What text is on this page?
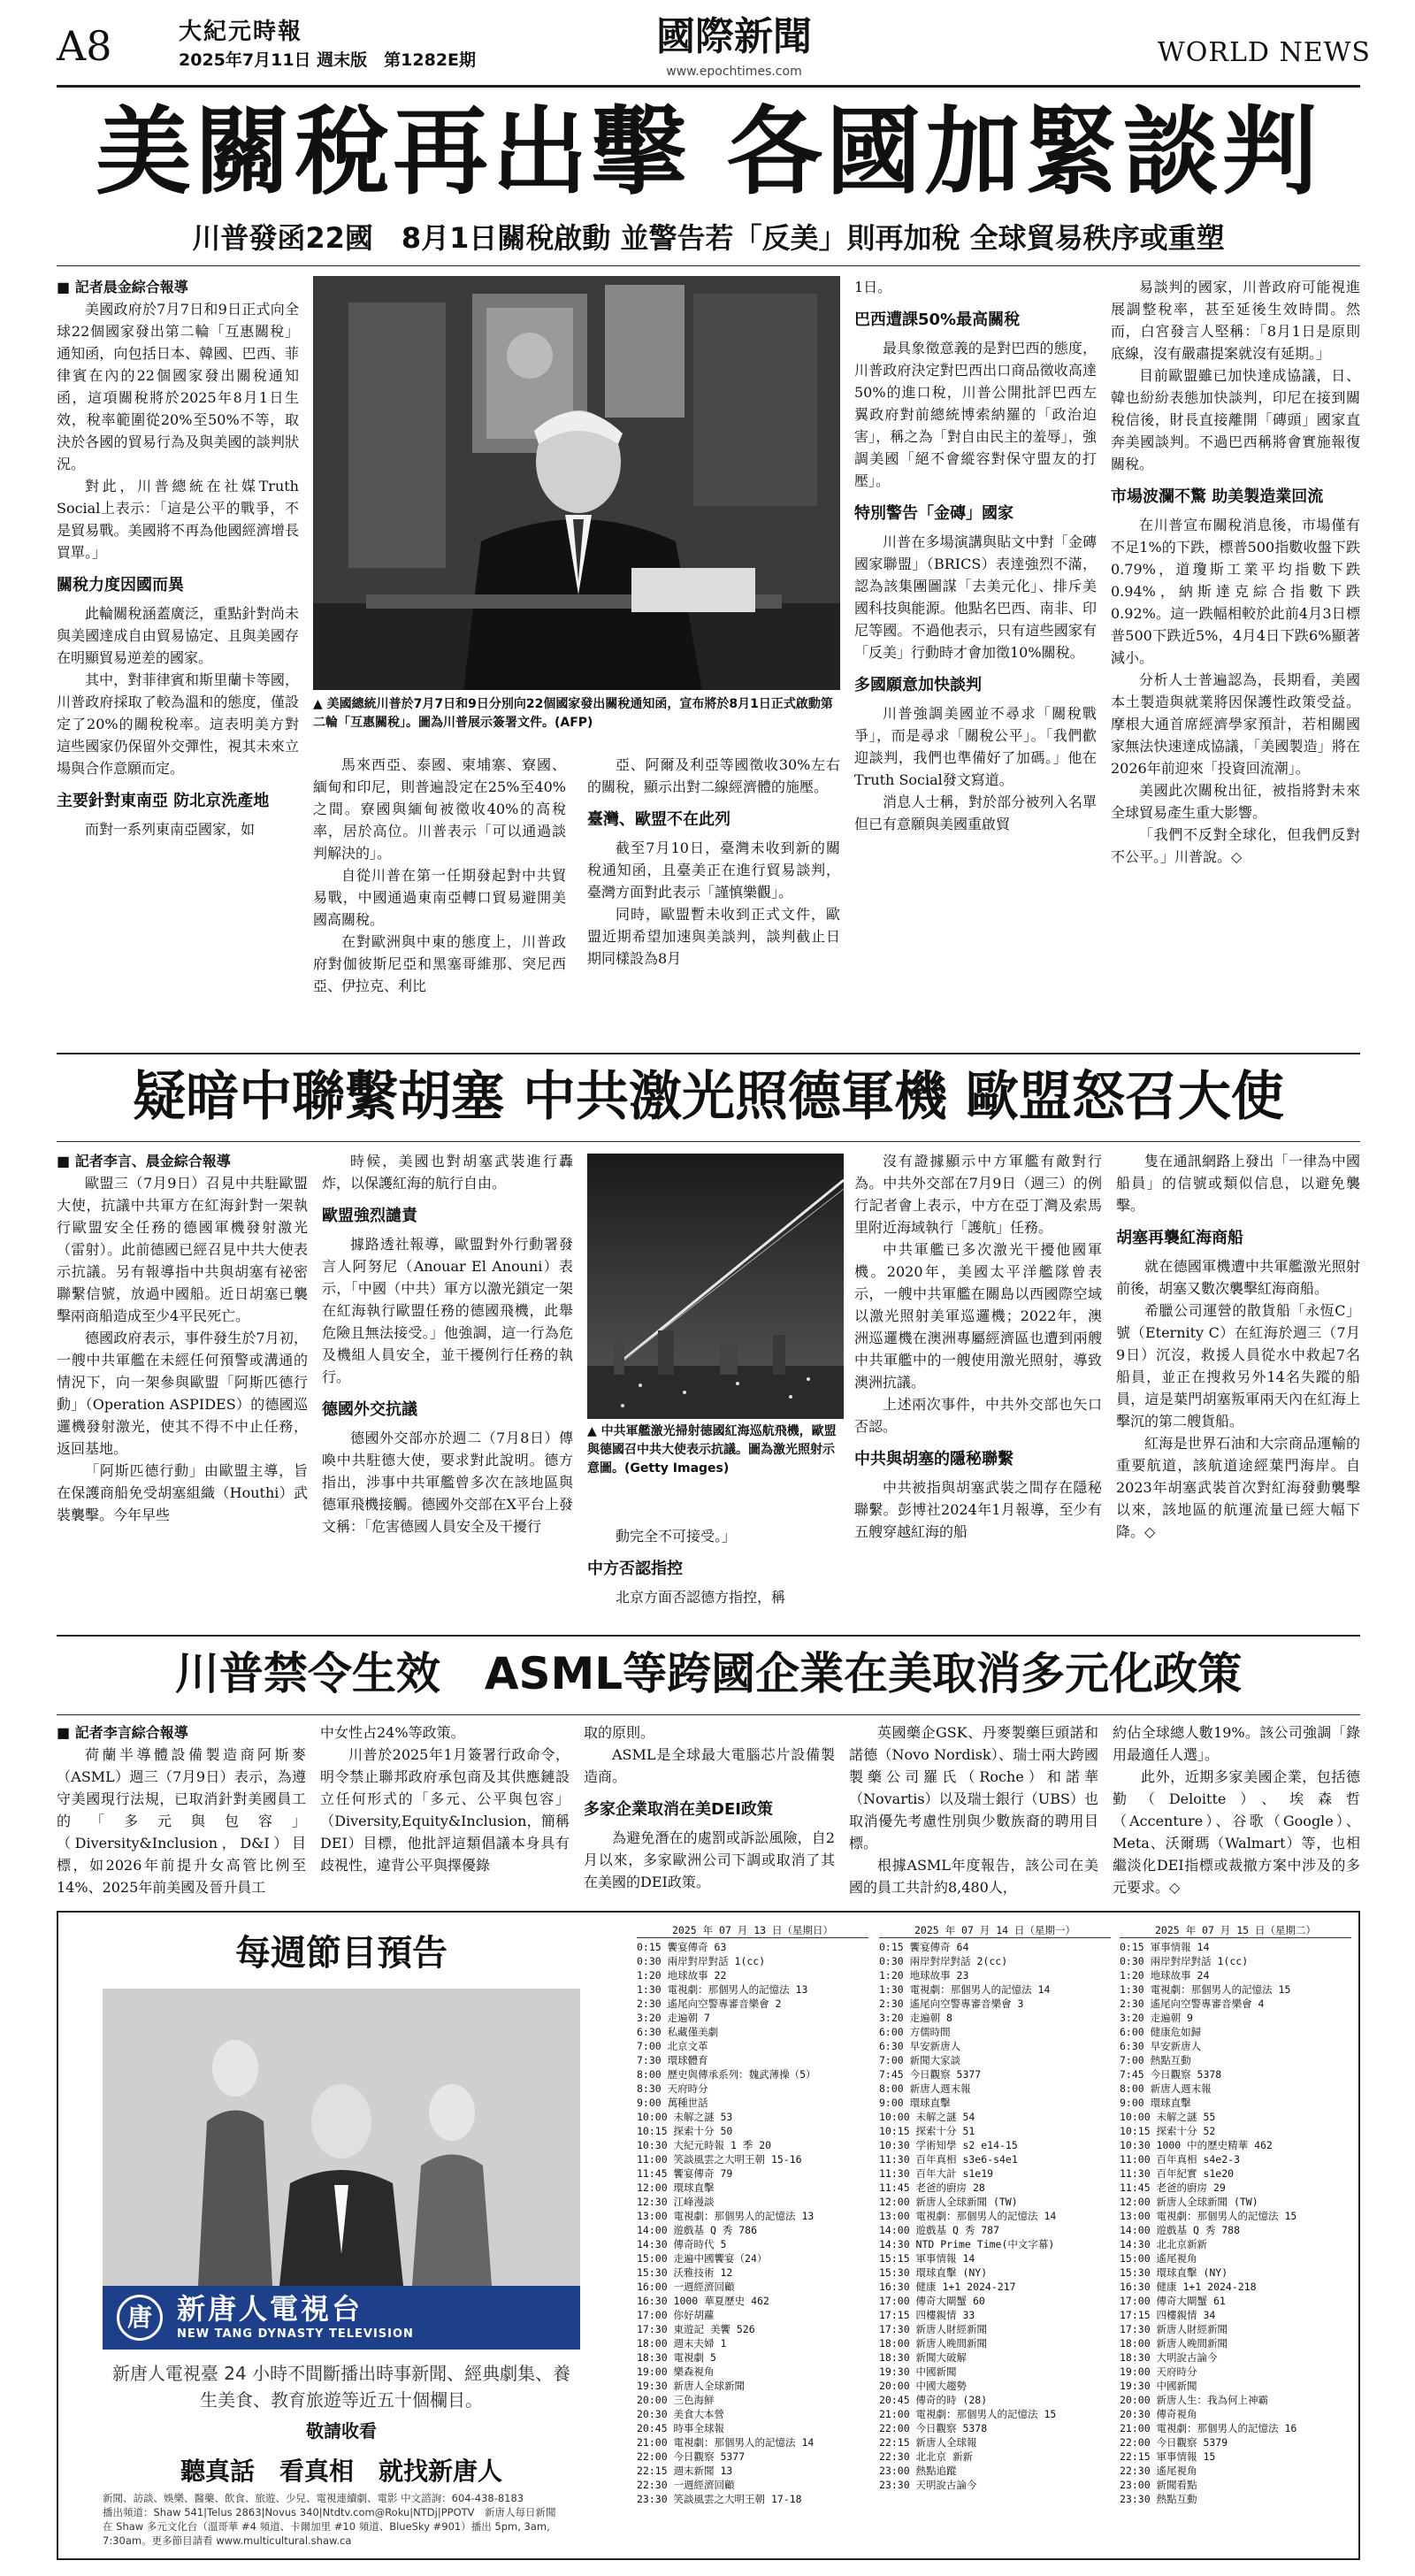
A8	大紀元時報
2025年7月11日 週末版　第1282E期
國際新聞
www.epochtimes.com
WORLD NEWS
美關稅再出擊 各國加緊談判
川普發函22國　8月1日關稅啟動 並警告若「反美」則再加稅 全球貿易秩序或重塑

■ 記者晨金綜合報導

美國政府於7月7日和9日正式向全球22個國家發出第二輪「互惠關稅」通知函，向包括日本、韓國、巴西、菲律賓在內的22個國家發出關稅通知函，這項關稅將於2025年8月1日生效，稅率範圍從20%至50%不等，取決於各國的貿易行為及與美國的談判狀況。

對此，川普總統在社媒Truth Social上表示：「這是公平的戰爭，不是貿易戰。美國將不再為他國經濟增長買單。」

關稅力度因國而異

此輪關稅涵蓋廣泛，重點針對尚未與美國達成自由貿易協定、且與美國存在明顯貿易逆差的國家。

其中，對菲律賓和斯里蘭卡等國，川普政府採取了較為溫和的態度，僅設定了20%的關稅稅率。這表明美方對這些國家仍保留外交彈性，視其未來立場與合作意願而定。

主要針對東南亞 防北京洗產地

而對一系列東南亞國家，如

▲ 美國總統川普於7月7日和9日分別向22個國家發出關稅通知函，宣布將於8月1日正式啟動第二輪「互惠關稅」。圖為川普展示簽署文件。(AFP)

馬來西亞、泰國、柬埔寨、寮國、緬甸和印尼，則普遍設定在25%至40%之間。寮國與緬甸被徵收40%的高稅率，居於高位。川普表示「可以通過談判解決的」。

自從川普在第一任期發起對中共貿易戰，中國通過東南亞轉口貿易避開美國高關稅。

在對歐洲與中東的態度上，川普政府對伽彼斯尼亞和黑塞哥維那、突尼西亞、伊拉克、利比

亞、阿爾及利亞等國徵收30%左右的關稅，顯示出對二線經濟體的施壓。

臺灣、歐盟不在此列

截至7月10日，臺灣未收到新的關稅通知函，且臺美正在進行貿易談判，臺灣方面對此表示「謹慎樂觀」。

同時，歐盟暫未收到正式文件，歐盟近期希望加速與美談判，談判截止日期同樣設為8月

1日。

巴西遭課50%最高關稅

最具象徵意義的是對巴西的態度，川普政府決定對巴西出口商品徵收高達50%的進口稅，川普公開批評巴西左翼政府對前總統博索納羅的「政治迫害」，稱之為「對自由民主的羞辱」，強調美國「絕不會縱容對保守盟友的打壓」。

特別警告「金磚」國家

川普在多場演講與貼文中對「金磚國家聯盟」（BRICS）表達強烈不滿，認為該集團圖謀「去美元化」、排斥美國科技與能源。他點名巴西、南非、印尼等國。不過他表示，只有這些國家有「反美」行動時才會加徵10%關稅。

多國願意加快談判

川普強調美國並不尋求「關稅戰爭」，而是尋求「關稅公平」。「我們歡迎談判，我們也準備好了加碼。」他在Truth Social發文寫道。

消息人士稱，對於部分被列入名單但已有意願與美國重啟貿

易談判的國家，川普政府可能視進展調整稅率，甚至延後生效時間。然而，白宮發言人堅稱：「8月1日是原則底線，沒有嚴肅提案就沒有延期。」

目前歐盟雖已加快達成協議，日、韓也紛紛表態加快談判，印尼在接到關稅信後，財長直接離開「磚頭」國家直奔美國談判。不過巴西稱將會實施報復關稅。

市場波瀾不驚 助美製造業回流

在川普宣布關稅消息後，市場僅有不足1%的下跌，標普500指數收盤下跌0.79%，道瓊斯工業平均指數下跌0.94%，納斯達克綜合指數下跌0.92%。這一跌幅相較於此前4月3日標普500下跌近5%，4月4日下跌6%顯著減小。

分析人士普遍認為，長期看，美國本土製造與就業將因保護性政策受益。摩根大通首席經濟學家預計，若相關國家無法快速達成協議，「美國製造」將在2026年前迎來「投資回流潮」。

美國此次關稅出征，被指將對未來全球貿易產生重大影響。

「我們不反對全球化，但我們反對不公平。」川普說。◇

疑暗中聯繫胡塞 中共激光照德軍機 歐盟怒召大使

■ 記者李言、晨金綜合報導

歐盟三（7月9日）召見中共駐歐盟大使，抗議中共軍方在紅海針對一架執行歐盟安全任務的德國軍機發射激光（雷射）。此前德國已經召見中共大使表示抗議。另有報導指中共與胡塞有祕密聯繫信號，放過中國船。近日胡塞已襲擊兩商船造成至少4平民死亡。

德國政府表示，事件發生於7月初，一艘中共軍艦在未經任何預警或溝通的情況下，向一架參與歐盟「阿斯匹德行動」（Operation ASPIDES）的德國巡邏機發射激光，使其不得不中止任務，返回基地。

「阿斯匹德行動」由歐盟主導，旨在保護商船免受胡塞組織（Houthi）武裝襲擊。今年早些

時候，美國也對胡塞武裝進行轟炸，以保護紅海的航行自由。

歐盟強烈譴責

據路透社報導，歐盟對外行動署發言人阿努尼（Anouar El Anouni）表示，「中國（中共）軍方以激光鎖定一架在紅海執行歐盟任務的德國飛機，此舉危險且無法接受。」他強調，這一行為危及機組人員安全，並干擾例行任務的執行。

德國外交抗議

德國外交部亦於週二（7月8日）傳喚中共駐德大使，要求對此說明。德方指出，涉事中共軍艦曾多次在該地區與德軍飛機接觸。德國外交部在X平台上發文稱：「危害德國人員安全及干擾行

▲ 中共軍艦激光掃射德國紅海巡航飛機，歐盟與德國召中共大使表示抗議。圖為激光照射示意圖。(Getty Images)

動完全不可接受。」

中方否認指控

北京方面否認德方指控，稱

沒有證據顯示中方軍艦有敵對行為。中共外交部在7月9日（週三）的例行記者會上表示，中方在亞丁灣及索馬里附近海域執行「護航」任務。

中共軍艦已多次激光干擾他國軍機。2020年，美國太平洋艦隊曾表示，一艘中共軍艦在關島以西國際空域以激光照射美軍巡邏機；2022年，澳洲巡邏機在澳洲專屬經濟區也遭到兩艘中共軍艦中的一艘使用激光照射，導致澳洲抗議。

上述兩次事件，中共外交部也矢口否認。

中共與胡塞的隱秘聯繫

中共被指與胡塞武裝之間存在隱秘聯繫。彭博社2024年1月報導，至少有五艘穿越紅海的船

隻在通訊網路上發出「一律為中國船員」的信號或類似信息，以避免襲擊。

胡塞再襲紅海商船

就在德國軍機遭中共軍艦激光照射前後，胡塞又數次襲擊紅海商船。

希臘公司運營的散貨船「永恆C」號（Eternity C）在紅海於週三（7月9日）沉沒，救援人員從水中救起7名船員，並正在搜救另外14名失蹤的船員，這是葉門胡塞叛軍兩天內在紅海上擊沉的第二艘貨船。

紅海是世界石油和大宗商品運輸的重要航道，該航道途經葉門海岸。自2023年胡塞武裝首次對紅海發動襲擊以來，該地區的航運流量已經大幅下降。◇

川普禁令生效　ASML等跨國企業在美取消多元化政策

■ 記者李言綜合報導

荷蘭半導體設備製造商阿斯麥（ASML）週三（7月9日）表示，為遵守美國現行法規，已取消針對美國員工的「多元與包容」（Diversity&Inclusion，D&I）目標，如2026年前提升女高管比例至14%、2025年前美國及晉升員工

中女性占24%等政策。

川普於2025年1月簽署行政命令，明令禁止聯邦政府承包商及其供應鏈設立任何形式的「多元、公平與包容」（Diversity,Equity&Inclusion，簡稱DEI）目標，他批評這類倡議本身具有歧視性，違背公平與擇優錄

取的原則。

ASML是全球最大電腦芯片設備製造商。

多家企業取消在美DEI政策

為避免潛在的處罰或訴訟風險，自2月以來，多家歐洲公司下調或取消了其在美國的DEI政策。

英國藥企GSK、丹麥製藥巨頭諾和諾德（Novo Nordisk）、瑞士兩大跨國製藥公司羅氏（Roche）和諾華（Novartis）以及瑞士銀行（UBS）也取消優先考慮性別與少數族裔的聘用目標。

根據ASML年度報告，該公司在美國的員工共計約8,480人，

約佔全球總人數19%。該公司強調「錄用最適任人選」。

此外，近期多家美國企業，包括德勤（Deloitte）、埃森哲（Accenture）、谷歌（Google）、Meta、沃爾瑪（Walmart）等，也相繼淡化DEI指標或裁撤方案中涉及的多元要求。◇

每週節目預告
唐 新唐人電視台
NEW TANG DYNASTY TELEVISION
新唐人電視臺 24 小時不間斷播出時事新聞、經典劇集、養生美食、教育旅遊等近五十個欄目。
敬請收看
聽真話　看真相　就找新唐人
新聞、訪談、娛樂、醫藥、飲食、旅遊、少兒、電視連續劇、電影 中文諮詢：604-438-8183
播出頻道：Shaw 541|Telus 2863|Novus 340|Ntdtv.com@Roku|NTDj|PPOTV　新唐人每日新聞
在 Shaw 多元文化台（溫哥華 #4 頻道、卡爾加里 #10 頻道、BlueSky #901）播出 5pm, 3am,
7:30am。更多節目請看 www.multicultural.shaw.ca
2025 年 07 月 13 日（星期日）
0:15 饗宴傳奇 63
0:30 兩岸對岸對話 1(cc)
1:20 地球故事 22
1:30 電視劇：那個男人的記憶法 13
2:30 遙尾向空警專審音樂會 2
3:20 走遍朝 7
6:30 私藏僅美劇
7:00 北京文革
7:30 環球體育
8:00 歷史與傳承系列：魏武薄操（5）
8:30 天府時分
9:00 萬種世話
10:00 未解之謎 53
10:15 探索十分 50
10:30 大紀元時報 1 季 20
11:00 笑談風雲之大明王朝 15-16
11:45 饗宴傳奇 79
12:00 環球直擊
12:30 江峰漫談
13:00 電視劇：那個男人的記憶法 13
14:00 遊戲基 Q 秀 786
14:30 傳奇時代 5
15:00 走遍中國饗宴（24）
15:30 沃雅技術 12
16:00 一週經濟回顧
16:30 1000 華夏歷史 462
17:00 你好胡蘿
17:30 東遊記 美饗 526
18:00 週末夫婦 1
18:30 電視劇 5
19:00 樂森視角
19:30 新唐人全球新聞
20:00 三色海鮮
20:30 美食大本營
20:45 時事全球報
21:00 電視劇：那個男人的記憶法 14
22:00 今日觀察 5377
22:15 週末新聞 13
22:30 一週經濟回顧
23:30 笑談風雲之大明王朝 17-18
2025 年 07 月 14 日（星期一）
0:15 饗宴傳奇 64
0:30 兩岸對岸對話 2(cc)
1:20 地球故事 23
1:30 電視劇：那個男人的記憶法 14
2:30 遙尾向空警專審音樂會 3
3:20 走遍朝 8
6:00 方儒時間
6:30 早安新唐人
7:00 新聞大家談
7:45 今日觀察 5377
8:00 新唐人週末報
9:00 環球直擊
10:00 未解之謎 54
10:15 探索十分 51
10:30 学術知學 s2 e14-15
11:30 百年真相 s3e6-s4e1
11:30 百年大計 s1e19
11:45 老爸的廚房 28
12:00 新唐人全球新聞 (TW)
13:00 電視劇：那個男人的記憶法 14
14:00 遊戲基 Q 秀 787
14:30 NTD Prime Time(中文字幕)
15:15 軍事情報 14
15:30 環球直擊 (NY)
16:30 健康 1+1 2024-217
17:00 傳奇大閘蟹 60
17:15 四樓親情 33
17:30 新唐人財經新聞
18:00 新唐人晚間新聞
18:30 新聞大破解
19:30 中國新聞
20:00 中國大趨勢
20:45 傳奇的時 (28)
21:00 電視劇：那個男人的記憶法 15
22:00 今日觀察 5378
22:15 新唐人全球報
22:30 北北京 新新
23:00 熱點追蹤
23:30 天明說古論今
2025 年 07 月 15 日（星期二）
0:15 軍事情報 14
0:30 兩岸對岸對話 1(cc)
1:20 地球故事 24
1:30 電視劇：那個男人的記憶法 15
2:30 遙尾向空警專審音樂會 4
3:20 走遍朝 9
6:00 健康危如歸
6:30 早安新唐人
7:00 熱點互動
7:45 今日觀察 5378
8:00 新唐人週末報
9:00 環球直擊
10:00 未解之謎 55
10:15 探索十分 52
10:30 1000 中的歷史精華 462
11:00 百年真相 s4e2-3
11:30 百年紀實 s1e20
11:45 老爸的廚房 29
12:00 新唐人全球新聞 (TW)
13:00 電視劇：那個男人的記憶法 15
14:00 遊戲基 Q 秀 788
14:30 北北京新新
15:00 遙尾視角
15:30 環球直擊 (NY)
16:30 健康 1+1 2024-218
17:00 傳奇大閘蟹 61
17:15 四樓親情 34
17:30 新唐人財經新聞
18:00 新唐人晚間新聞
18:30 大明說古論今
19:00 天府時分
19:30 中國新聞
20:00 新唐人生：我為何上神霸
20:30 傳奇視角
21:00 電視劇：那個男人的記憶法 16
22:00 今日觀察 5379
22:15 軍事情報 15
22:30 遙尾視角
23:00 新聞看點
23:30 熱點互動
